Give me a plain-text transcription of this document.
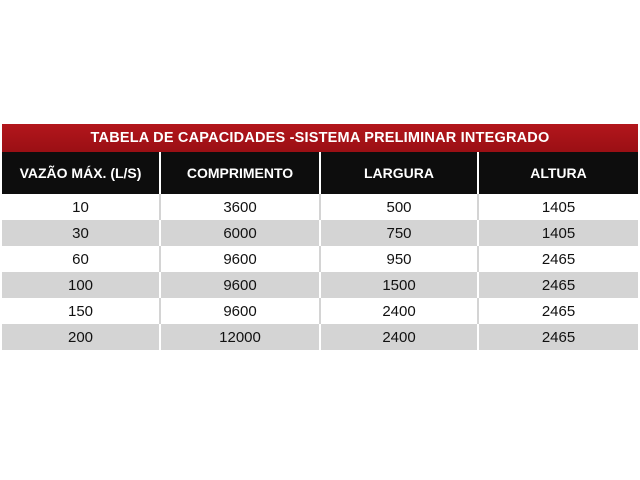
TABELA DE CAPACIDADES -SISTEMA PRELIMINAR INTEGRADO
VAZÃO MÁX. (L/S)	COMPRIMENTO	LARGURA	ALTURA
10	3600	500	1405
30	6000	750	1405
60	9600	950	2465
100	9600	1500	2465
150	9600	2400	2465
200	12000	2400	2465
